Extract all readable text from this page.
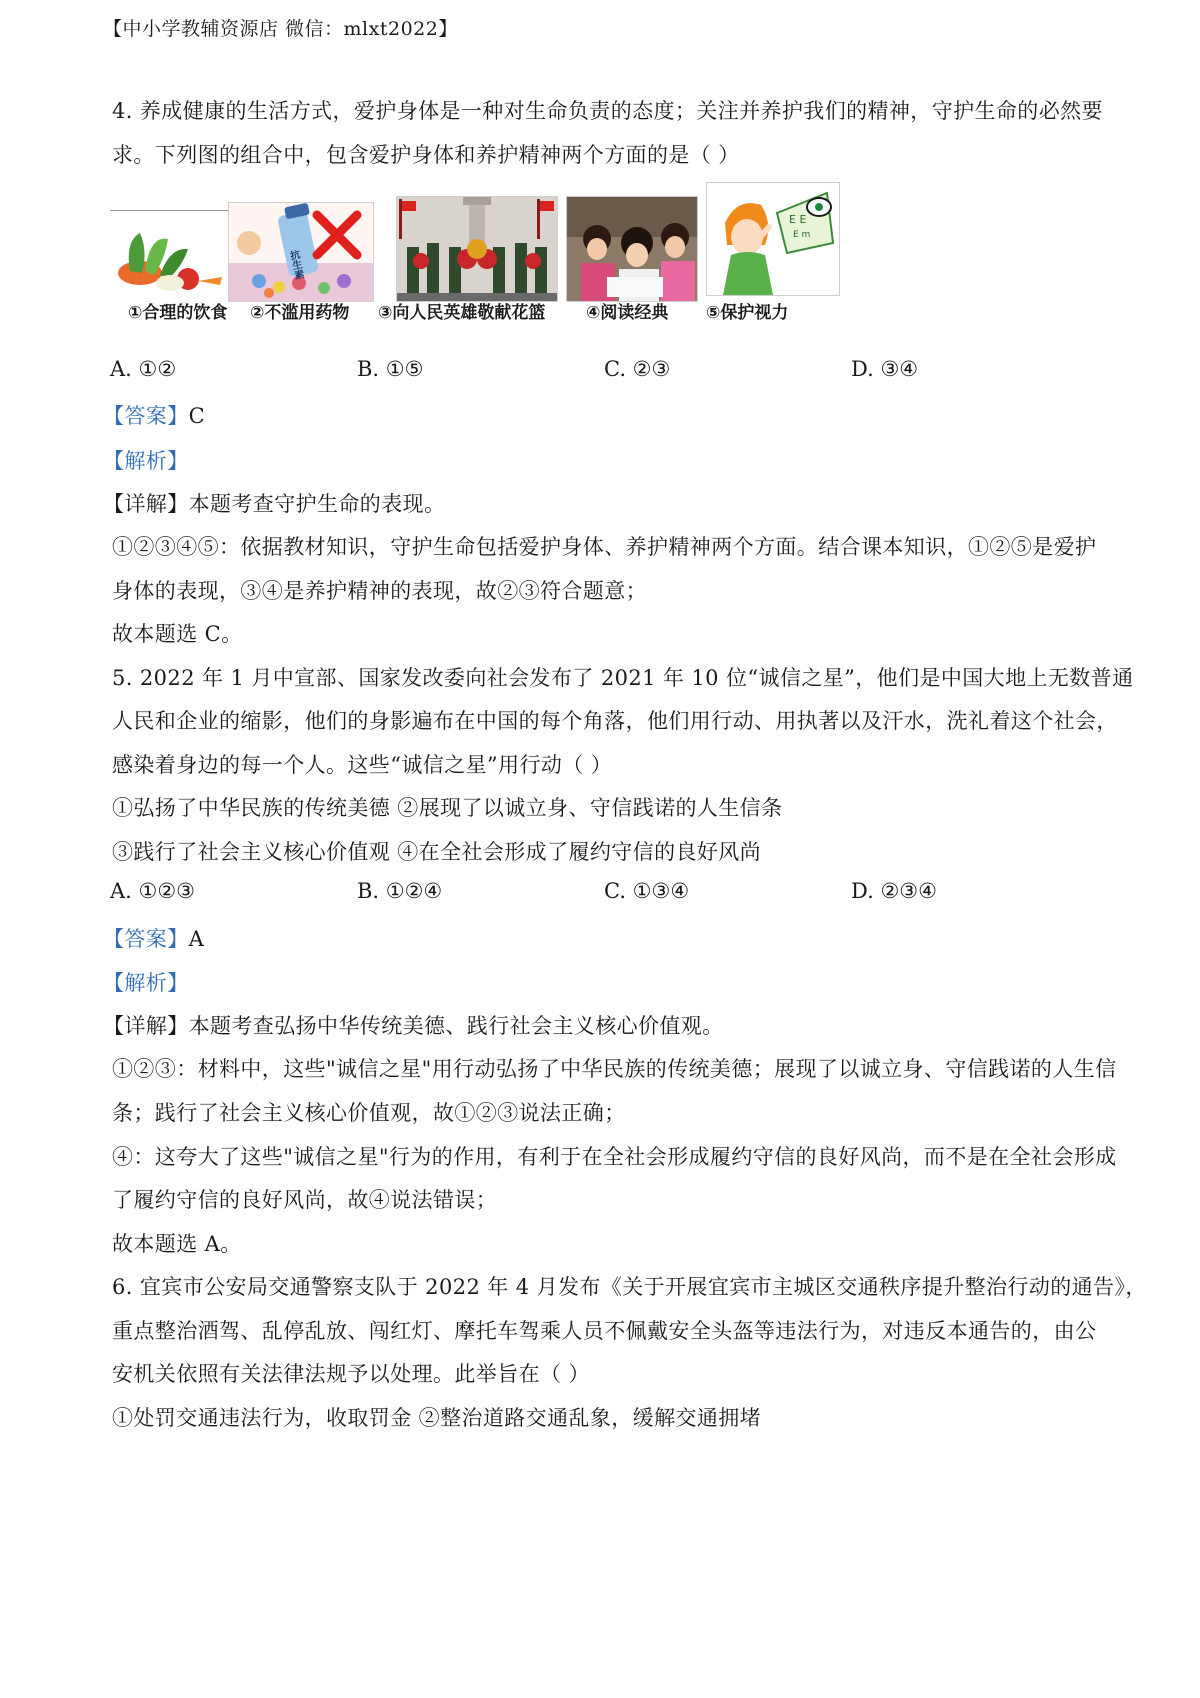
【中小学教辅资源店 微信：mlxt2022】
4. 养成健康的生活方式，爱护身体是一种对生命负责的态度；关注并养护我们的精神，守护生命的必然要
求。下列图的组合中，包含爱护身体和养护精神两个方面的是（ ）
①合理的饮食
抗生素
②不滥用药物 ③向人民英雄敬献花篮 ④阅读经典
E E
E m
⑤保护视力
A. ①②	B. ①⑤	C. ②③	D. ③④
【答案】C
【解析】
【详解】本题考查守护生命的表现。
①②③④⑤：依据教材知识，守护生命包括爱护身体、养护精神两个方面。结合课本知识，①②⑤是爱护
身体的表现，③④是养护精神的表现，故②③符合题意；
故本题选 C。
5. 2022 年 1 月中宣部、国家发改委向社会发布了 2021 年 10 位“诚信之星”，他们是中国大地上无数普通
人民和企业的缩影，他们的身影遍布在中国的每个角落，他们用行动、用执著以及汗水，洗礼着这个社会，
感染着身边的每一个人。这些“诚信之星”用行动（ ）
①弘扬了中华民族的传统美德 ②展现了以诚立身、守信践诺的人生信条
③践行了社会主义核心价值观 ④在全社会形成了履约守信的良好风尚
A. ①②③	B. ①②④	C. ①③④	D. ②③④
【答案】A
【解析】
【详解】本题考查弘扬中华传统美德、践行社会主义核心价值观。
①②③：材料中，这些"诚信之星"用行动弘扬了中华民族的传统美德；展现了以诚立身、守信践诺的人生信
条；践行了社会主义核心价值观，故①②③说法正确；
④：这夸大了这些"诚信之星"行为的作用，有利于在全社会形成履约守信的良好风尚，而不是在全社会形成
了履约守信的良好风尚，故④说法错误；
故本题选 A。
6. 宜宾市公安局交通警察支队于 2022 年 4 月发布《关于开展宜宾市主城区交通秩序提升整治行动的通告》，
重点整治酒驾、乱停乱放、闯红灯、摩托车驾乘人员不佩戴安全头盔等违法行为，对违反本通告的，由公
安机关依照有关法律法规予以处理。此举旨在（ ）
①处罚交通违法行为，收取罚金 ②整治道路交通乱象，缓解交通拥堵
